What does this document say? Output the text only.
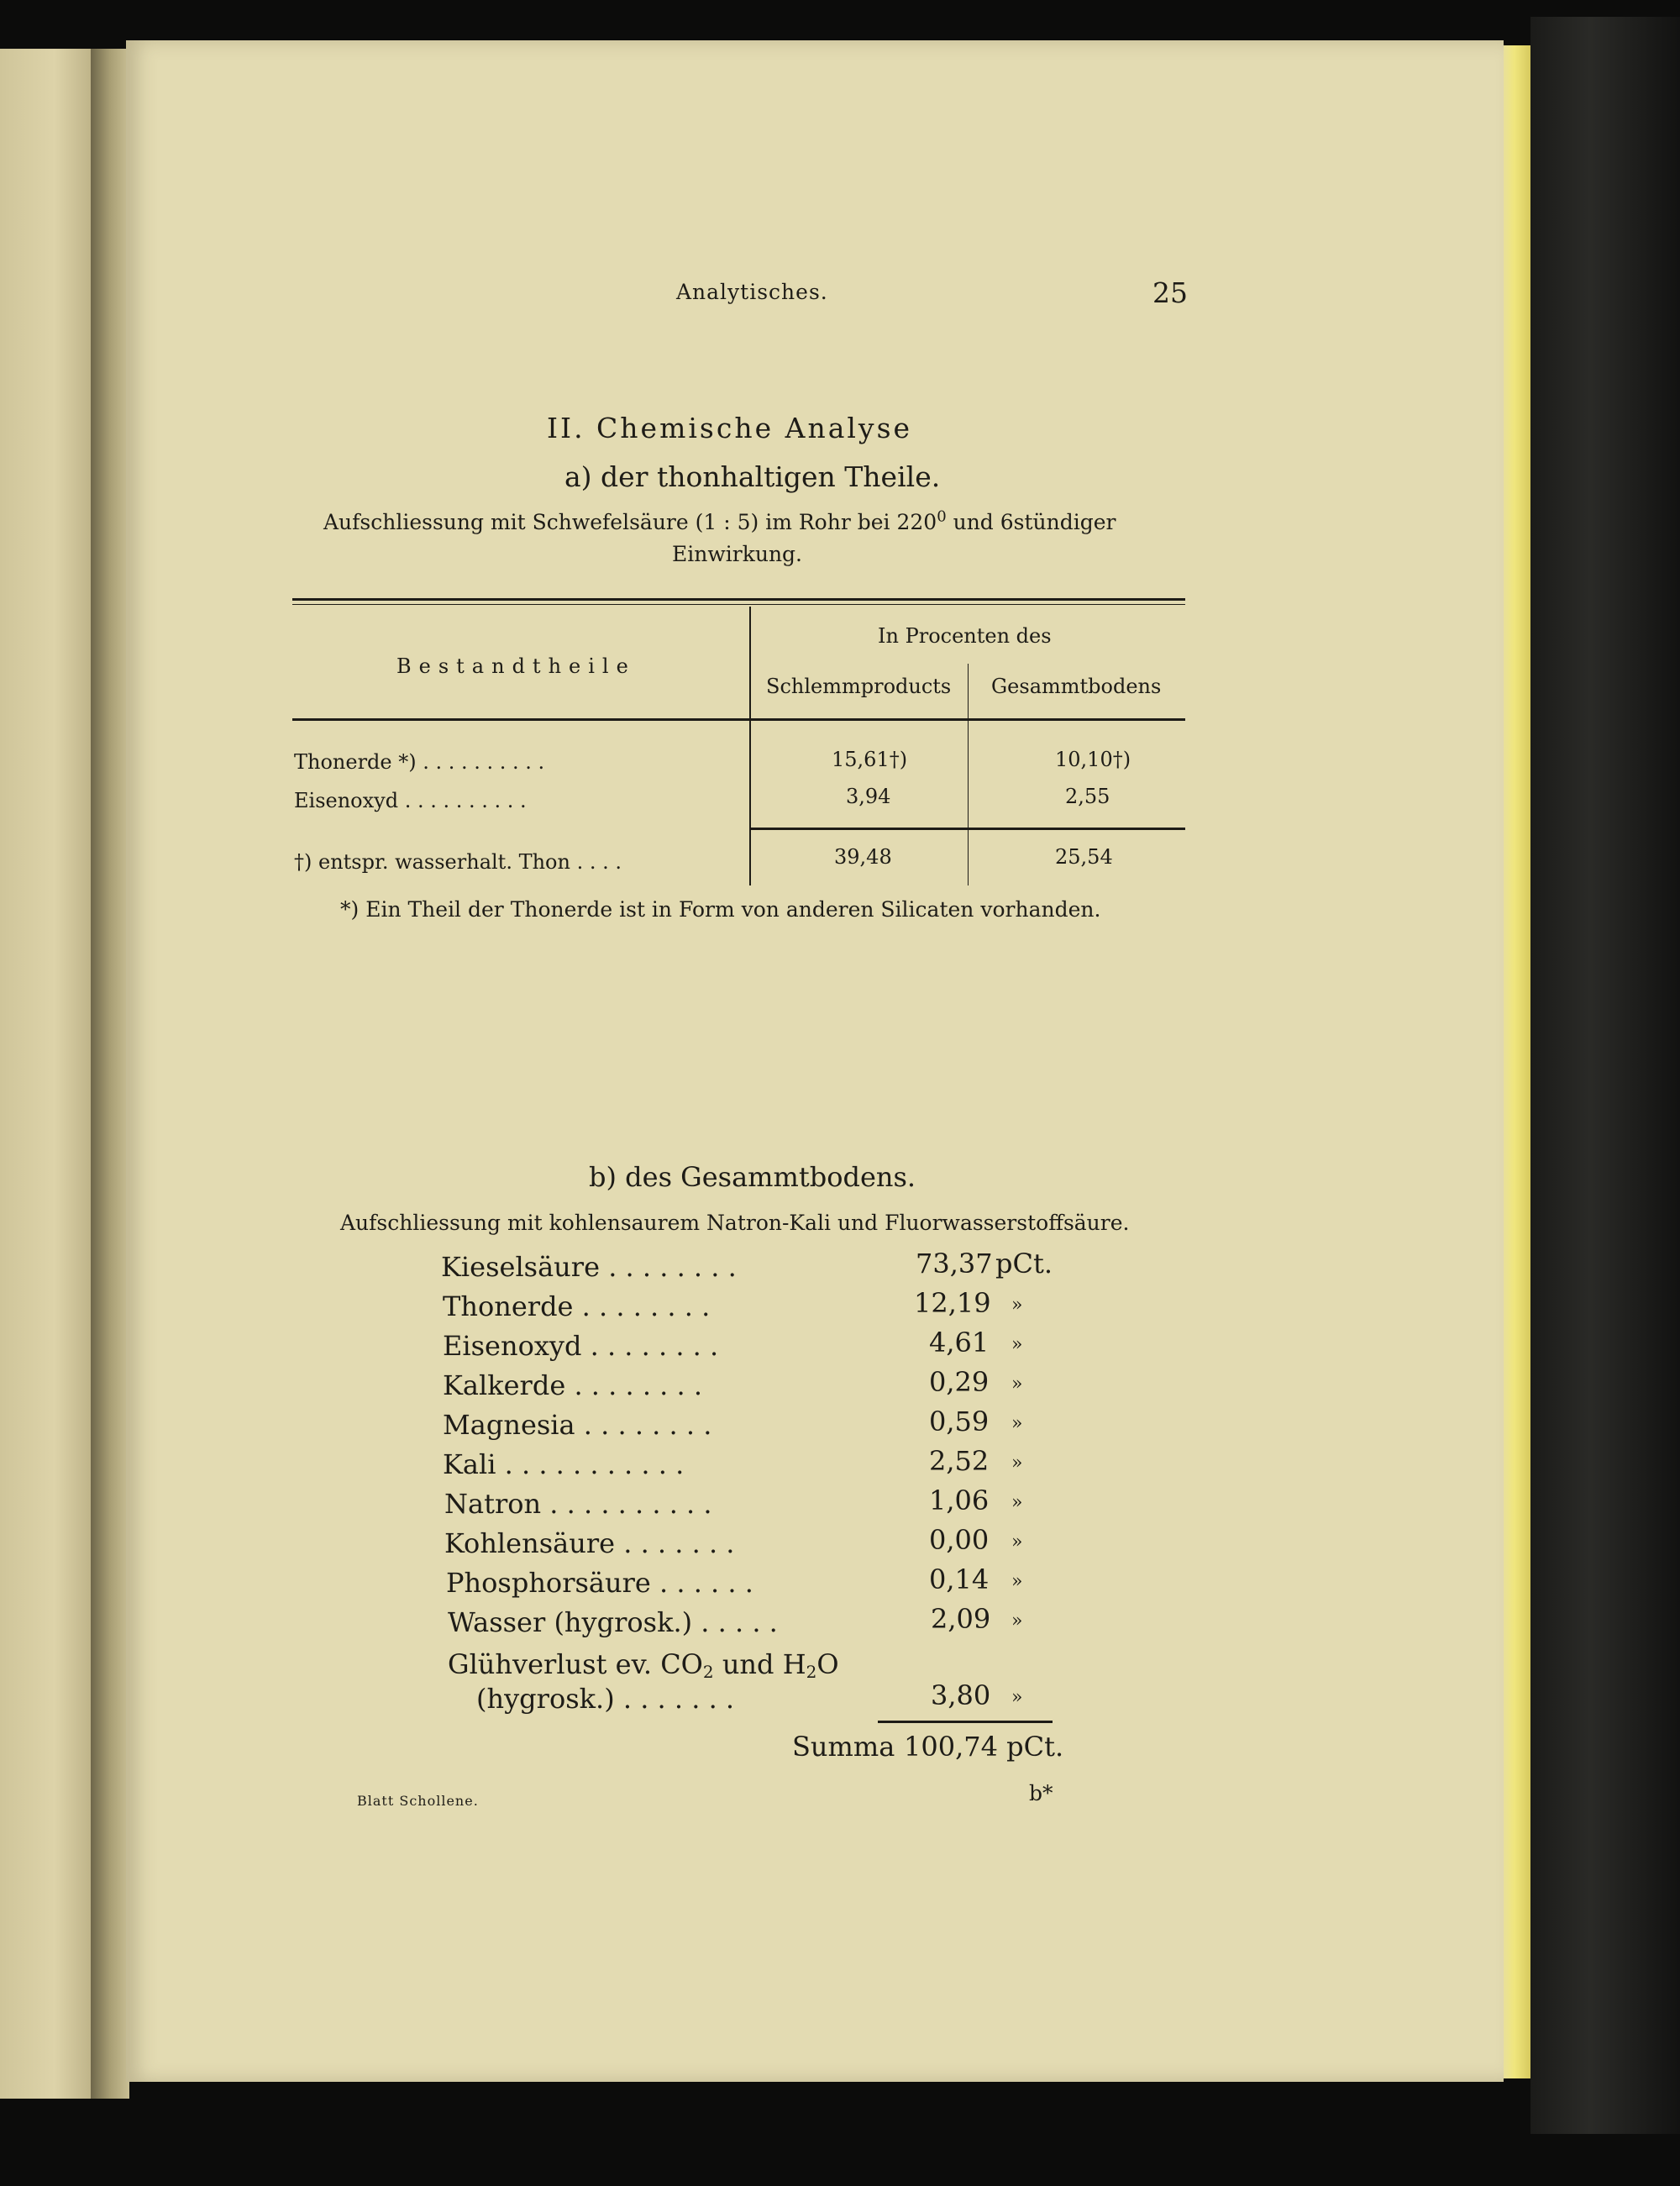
Analytisches.	25
II. Chemische Analyse
a) der thonhaltigen Theile.
Aufschliessung mit Schwefelsäure (1 : 5) im Rohr bei $220^0$ und 6stündiger
Einwirkung.
Bestandtheile
In Procenten des
Schlemmproducts Gesammtbodens
Thonerde *) . . . . . . . . . .	15,61†)	10,10†)
Eisenoxyd . . . . . . . . . .	3,94	2,55
†) entspr. wasserhalt. Thon . . . .	39,48	25,54
*) Ein Theil der Thonerde ist in Form von anderen Silicaten vorhanden.
b) des Gesammtbodens.
Aufschliessung mit kohlensaurem Natron-Kali und Fluorwasserstoffsäure.
Kieselsäure . . . . . . . .	73,37 pCt.
Thonerde . . . . . . . .	12,19 »
Eisenoxyd . . . . . . . .	4,61 »
Kalkerde . . . . . . . .	0,29 »
Magnesia . . . . . . . .	0,59 »
Kali . . . . . . . . . . .	2,52 »
Natron . . . . . . . . . .	1,06 »
Kohlensäure . . . . . . .	0,00 »
Phosphorsäure . . . . . .	0,14 »
Wasser (hygrosk.) . . . . .	2,09 »
Glühverlust ev. $CO_2$ und $H_2O$
(hygrosk.) . . . . . . .	3,80 »
Summa 100,74 pCt.
Blatt Schollene.	b*
